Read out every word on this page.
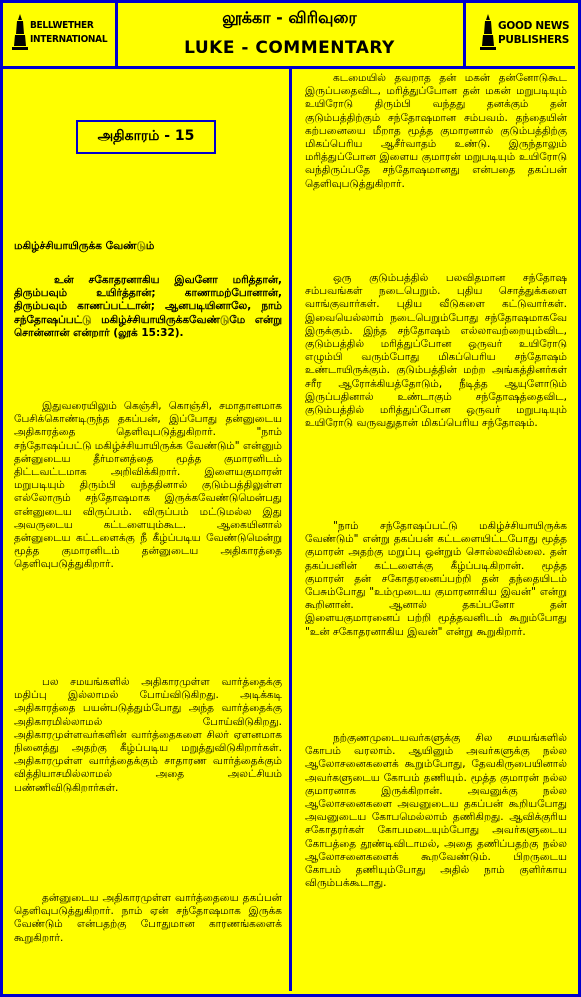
BELLWETHER
INTERNATIONAL
லூக்கா - விரிவுரை
LUKE - COMMENTARY
GOOD NEWS
PUBLISHERS
அதிகாரம் - 15
மகிழ்ச்சியாயிருக்க வேண்டும்
உன் சகோதரனாகிய இவனோ மரித்தான், திரும்பவும் உயிர்த்தான்; காணாமற்போனான், திரும்பவும் காணப்பட்டான்; ஆனபடியினாலே, நாம் சந்தோஷப்பட்டு மகிழ்ச்சியாயிருக்கவேண்டுமே என்று சொன்னான் என்றார் (லூக் 15:32).
இதுவரையிலும் கெஞ்சி, கொஞ்சி, சமாதானமாக பேசிக்கொண்டிருந்த தகப்பன், இப்போது தன்னுடைய அதிகாரத்தை தெளிவுபடுத்துகிறார். "நாம் சந்தோஷப்பட்டு மகிழ்ச்சியாயிருக்க வேண்டும்" என்னும் தன்னுடைய தீர்மானத்தை மூத்த குமாரனிடம் திட்டவட்டமாக அறிவிக்கிறார். இளையகுமாரன் மறுபடியும் திரும்பி வந்ததினால் குடும்பத்திலுள்ள எல்லோரும் சந்தோஷமாக இருக்கவேண்டுமென்பது என்னுடைய விருப்பம். விருப்பம் மட்டுமல்ல இது அவருடைய கட்டளையும்கூட. ஆகையினால் தன்னுடைய கட்டளைக்கு நீ கீழ்ப்படிய வேண்டுமென்று மூத்த குமாரனிடம் தன்னுடைய அதிகாரத்தை தெளிவுபடுத்துகிறார்.
பல சமயங்களில் அதிகாரமுள்ள வார்த்தைக்கு மதிப்பு இல்லாமல் போய்விடுகிறது. அடிக்கடி அதிகாரத்தை பயன்படுத்தும்போது அந்த வார்த்தைக்கு அதிகாரமில்லாமல் போய்விடுகிறது. அதிகாரமுள்ளவர்களின் வார்த்தைகளை சிலர் ஏளனமாக நினைத்து அதற்கு கீழ்ப்படிய மறுத்துவிடுகிறார்கள். அதிகாரமுள்ள வார்த்தைக்கும் சாதாரண வார்த்தைக்கும் வித்தியாசமில்லாமல் அதை அலட்சியம் பண்ணிவிடுகிறார்கள்.
தன்னுடைய அதிகாரமுள்ள வார்த்தையை தகப்பன் தெளிவுபடுத்துகிறார். நாம் ஏன் சந்தோஷமாக இருக்க வேண்டும் என்பதற்கு போதுமான காரணங்களைக் கூறுகிறார்.
கடமையில் தவறாத தன் மகன் தன்னோடுகூட இருப்பதைவிட, மரித்துப்போன தன் மகன் மறுபடியும் உயிரோடு திரும்பி வந்தது தனக்கும் தன் குடும்பத்திற்கும் சந்தோஷமான சம்பவம். தந்தையின் கற்பனையை மீறாத மூத்த குமாரனால் குடும்பத்திற்கு மிகப்பெரிய ஆசீர்வாதம் உண்டு. இருந்தாலும் மரித்துப்போன இளைய குமாரன் மறுபடியும் உயிரோடு வந்திருப்பதே சந்தோஷமானது என்பதை தகப்பன் தெளிவுபடுத்துகிறார்.
ஒரு குடும்பத்தில் பலவிதமான சந்தோஷ சம்பவங்கள் நடைபெறும். புதிய சொத்துக்களை வாங்குவார்கள். புதிய வீடுகளை கட்டுவார்கள். இவையெல்லாம் நடைபெறும்போது சந்தோஷமாகவே இருக்கும். இந்த சந்தோஷம் எல்லாவற்றையும்விட, குடும்பத்தில் மரித்துப்போன ஒருவர் உயிரோடு எழும்பி வரும்போது மிகப்பெரிய சந்தோஷம் உண்டாயிருக்கும். குடும்பத்தின் மற்ற அங்கத்தினர்கள் சரீர ஆரோக்கியத்தோடும், நீடித்த ஆயுளோடும் இருப்பதினால் உண்டாகும் சந்தோஷத்தைவிட, குடும்பத்தில் மரித்துப்போன ஒருவர் மறுபடியும் உயிரோடு வருவதுதான் மிகப்பெரிய சந்தோஷம்.
"நாம் சந்தோஷப்பட்டு மகிழ்ச்சியாயிருக்க வேண்டும்" என்று தகப்பன் கட்டளையிட்டபோது மூத்த குமாரன் அதற்கு மறுப்பு ஒன்றும் சொல்லவில்லை. தன் தகப்பனின் கட்டளைக்கு கீழ்ப்படிகிறான். மூத்த குமாரன் தன் சகோதரனைப்பற்றி தன் தந்தையிடம் பேசும்போது "உம்முடைய குமாரனாகிய இவன்" என்று கூறினான். ஆனால் தகப்பனோ தன் இளையகுமாரனைப் பற்றி மூத்தவனிடம் கூறும்போது "உன் சகோதரனாகிய இவன்" என்று கூறுகிறார்.
நற்குணமுடையவர்களுக்கு சில சமயங்களில் கோபம் வரலாம். ஆயினும் அவர்களுக்கு நல்ல ஆலோசனைகளைக் கூறும்போது, தேவகிருபையினால் அவர்களுடைய கோபம் தணியும். மூத்த குமாரன் நல்ல குமாரனாக இருக்கிறான். அவனுக்கு நல்ல ஆலோசனைகளை அவனுடைய தகப்பன் கூறியபோது அவனுடைய கோபமெல்லாம் தணிகிறது. ஆவிக்குரிய சகோதரர்கள் கோபமடையும்போது அவர்களுடைய கோபத்தை தூண்டிவிடாமல், அதை தணிப்பதற்கு நல்ல ஆலோசனைகளைக் கூறவேண்டும். பிறருடைய கோபம் தணியும்போது அதில் நாம் குளிர்காய விரும்பக்கூடாது.
